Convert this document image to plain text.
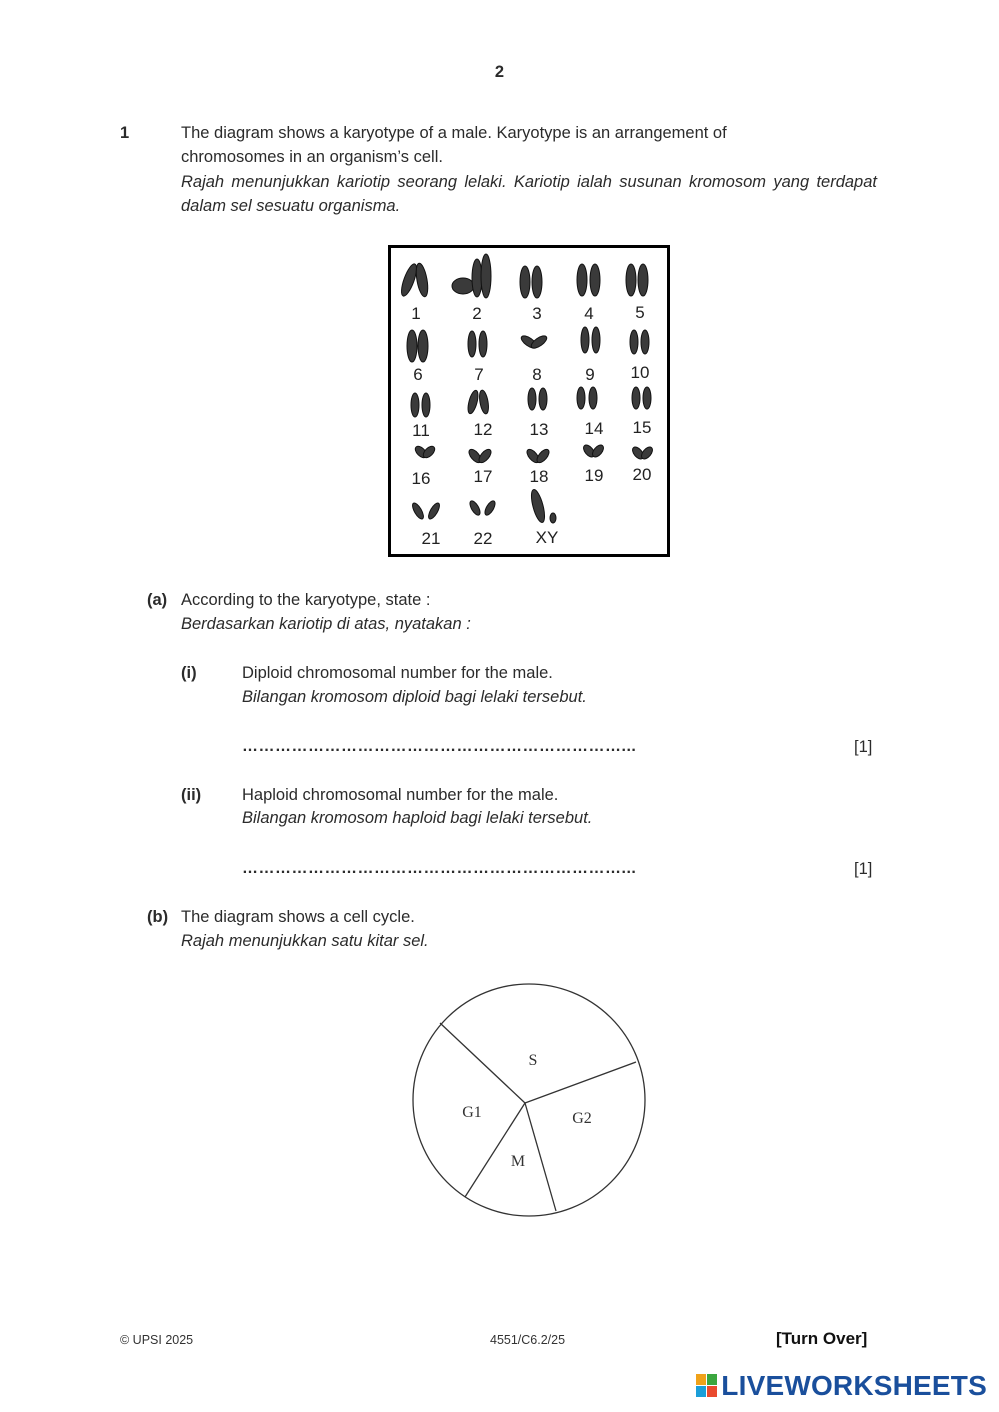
2
1	The diagram shows a karyotype of a male. Karyotype is an arrangement of chromosomes in an organism’s cell.
Rajah menunjukkan kariotip seorang lelaki. Kariotip ialah susunan kromosom yang terdapat dalam sel sesuatu organisma.
1	2	3	4	5
6	7	8	9	10
11	12	13	14	15
16	17	18	19	20
21	22	XY
(a) According to the karyotype, state :
Berdasarkan kariotip di atas, nyatakan :
(i)	Diploid chromosomal number for the male.
Bilangan kromosom diploid bagi lelaki tersebut.
……………………………………………………………...	[1]
(ii) Haploid chromosomal number for the male.
Bilangan kromosom haploid bagi lelaki tersebut.
……………………………………………………………...	[1]
(b) The diagram shows a cell cycle.
Rajah menunjukkan satu kitar sel.
S
G1	G2
M
© UPSI 2025	4551/C6.2/25	[Turn Over]
LIVEWORKSHEETS
